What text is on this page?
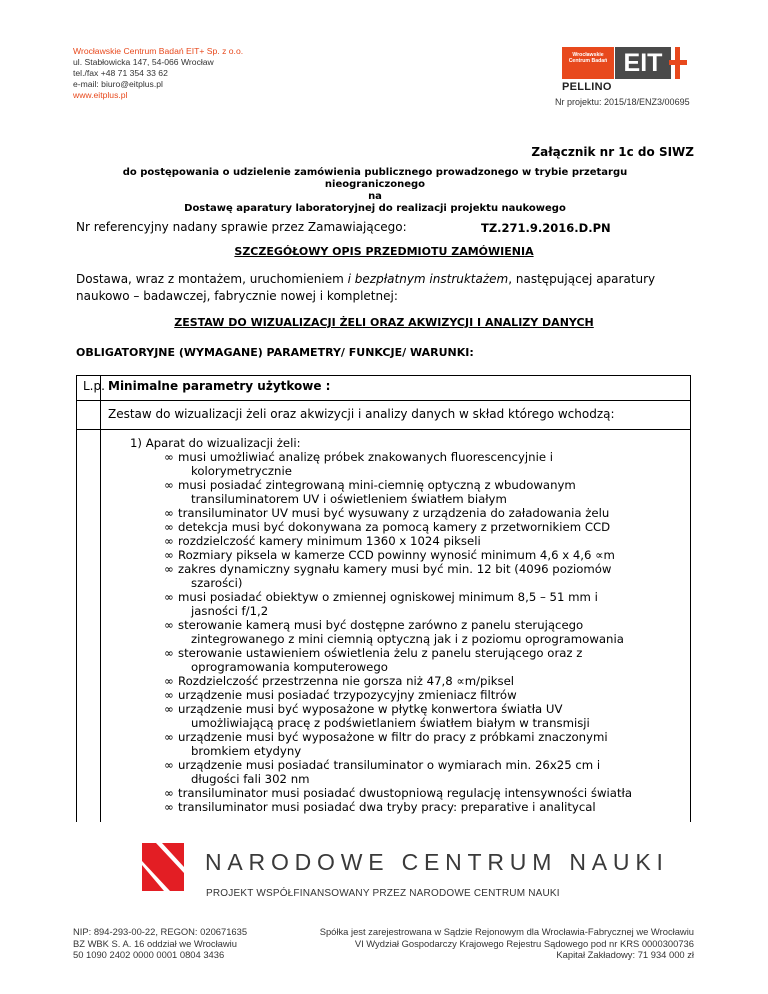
Wrocławskie Centrum Badań EIT+ Sp. z o.o.
ul. Stabłowicka 147, 54-066 Wrocław
tel./fax +48 71 354 33 62
e-mail: biuro@eitplus.pl
www.eitplus.pl
Wrocławskie Centrum Badań EIT
PELLINO
Nr projektu: 2015/18/ENZ3/00695
Załącznik nr 1c do SIWZ
do postępowania o udzielenie zamówienia publicznego prowadzonego w trybie przetargu
nieograniczonego
na
Dostawę aparatury laboratoryjnej do realizacji projektu naukowego
Nr referencyjny nadany sprawie przez Zamawiającego:	TZ.271.9.2016.D.PN
SZCZEGÓŁOWY OPIS PRZEDMIOTU ZAMÓWIENIA
Dostawa, wraz z montażem, uruchomieniem i bezpłatnym instruktażem, następującej aparatury naukowo – badawczej, fabrycznie nowej i kompletnej:
ZESTAW DO WIZUALIZACJI ŻELI ORAZ AKWIZYCJI I ANALIZY DANYCH
OBLIGATORYJNE (WYMAGANE) PARAMETRY/ FUNKCJE/ WARUNKI:
L.p. Minimalne parametry użytkowe :
Zestaw do wizualizacji żeli oraz akwizycji i analizy danych w skład którego wchodzą:
1) Aparat do wizualizacji żeli:
∞ musi umożliwiać analizę próbek znakowanych fluorescencyjnie i
kolorymetrycznie
∞ musi posiadać zintegrowaną mini-ciemnię optyczną z wbudowanym
transiluminatorem UV i oświetleniem światłem białym
∞ transiluminator UV musi być wysuwany z urządzenia do załadowania żelu
∞ detekcja musi być dokonywana za pomocą kamery z przetwornikiem CCD
∞ rozdzielczość kamery minimum 1360 x 1024 pikseli
∞ Rozmiary piksela w kamerze CCD powinny wynosić minimum 4,6 x 4,6 ∝m
∞ zakres dynamiczny sygnału kamery musi być min. 12 bit (4096 poziomów
szarości)
∞ musi posiadać obiektyw o zmiennej ogniskowej minimum 8,5 – 51 mm i
jasności f/1,2
∞ sterowanie kamerą musi być dostępne zarówno z panelu sterującego
zintegrowanego z mini ciemnią optyczną jak i z poziomu oprogramowania
∞ sterowanie ustawieniem oświetlenia żelu z panelu sterującego oraz z
oprogramowania komputerowego
∞ Rozdzielczość przestrzenna nie gorsza niż 47,8 ∝m/piksel
∞ urządzenie musi posiadać trzypozycyjny zmieniacz filtrów
∞ urządzenie musi być wyposażone w płytkę konwertora światła UV
umożliwiającą pracę z podświetlaniem światłem białym w transmisji
∞ urządzenie musi być wyposażone w filtr do pracy z próbkami znaczonymi
bromkiem etydyny
∞ urządzenie musi posiadać transiluminator o wymiarach min. 26x25 cm i
długości fali 302 nm
∞ transiluminator musi posiadać dwustopniową regulację intensywności światła
∞ transiluminator musi posiadać dwa tryby pracy: preparative i analitycal
NARODOWE CENTRUM NAUKI
PROJEKT WSPÓŁFINANSOWANY PRZEZ NARODOWE CENTRUM NAUKI
NIP: 894-293-00-22, REGON: 020671635
BZ WBK S. A. 16 oddział we Wrocławiu
50 1090 2402 0000 0001 0804 3436
Spółka jest zarejestrowana w Sądzie Rejonowym dla Wrocławia-Fabrycznej we Wrocławiu
VI Wydział Gospodarczy Krajowego Rejestru Sądowego pod nr KRS 0000300736
Kapitał Zakładowy: 71 934 000 zł
